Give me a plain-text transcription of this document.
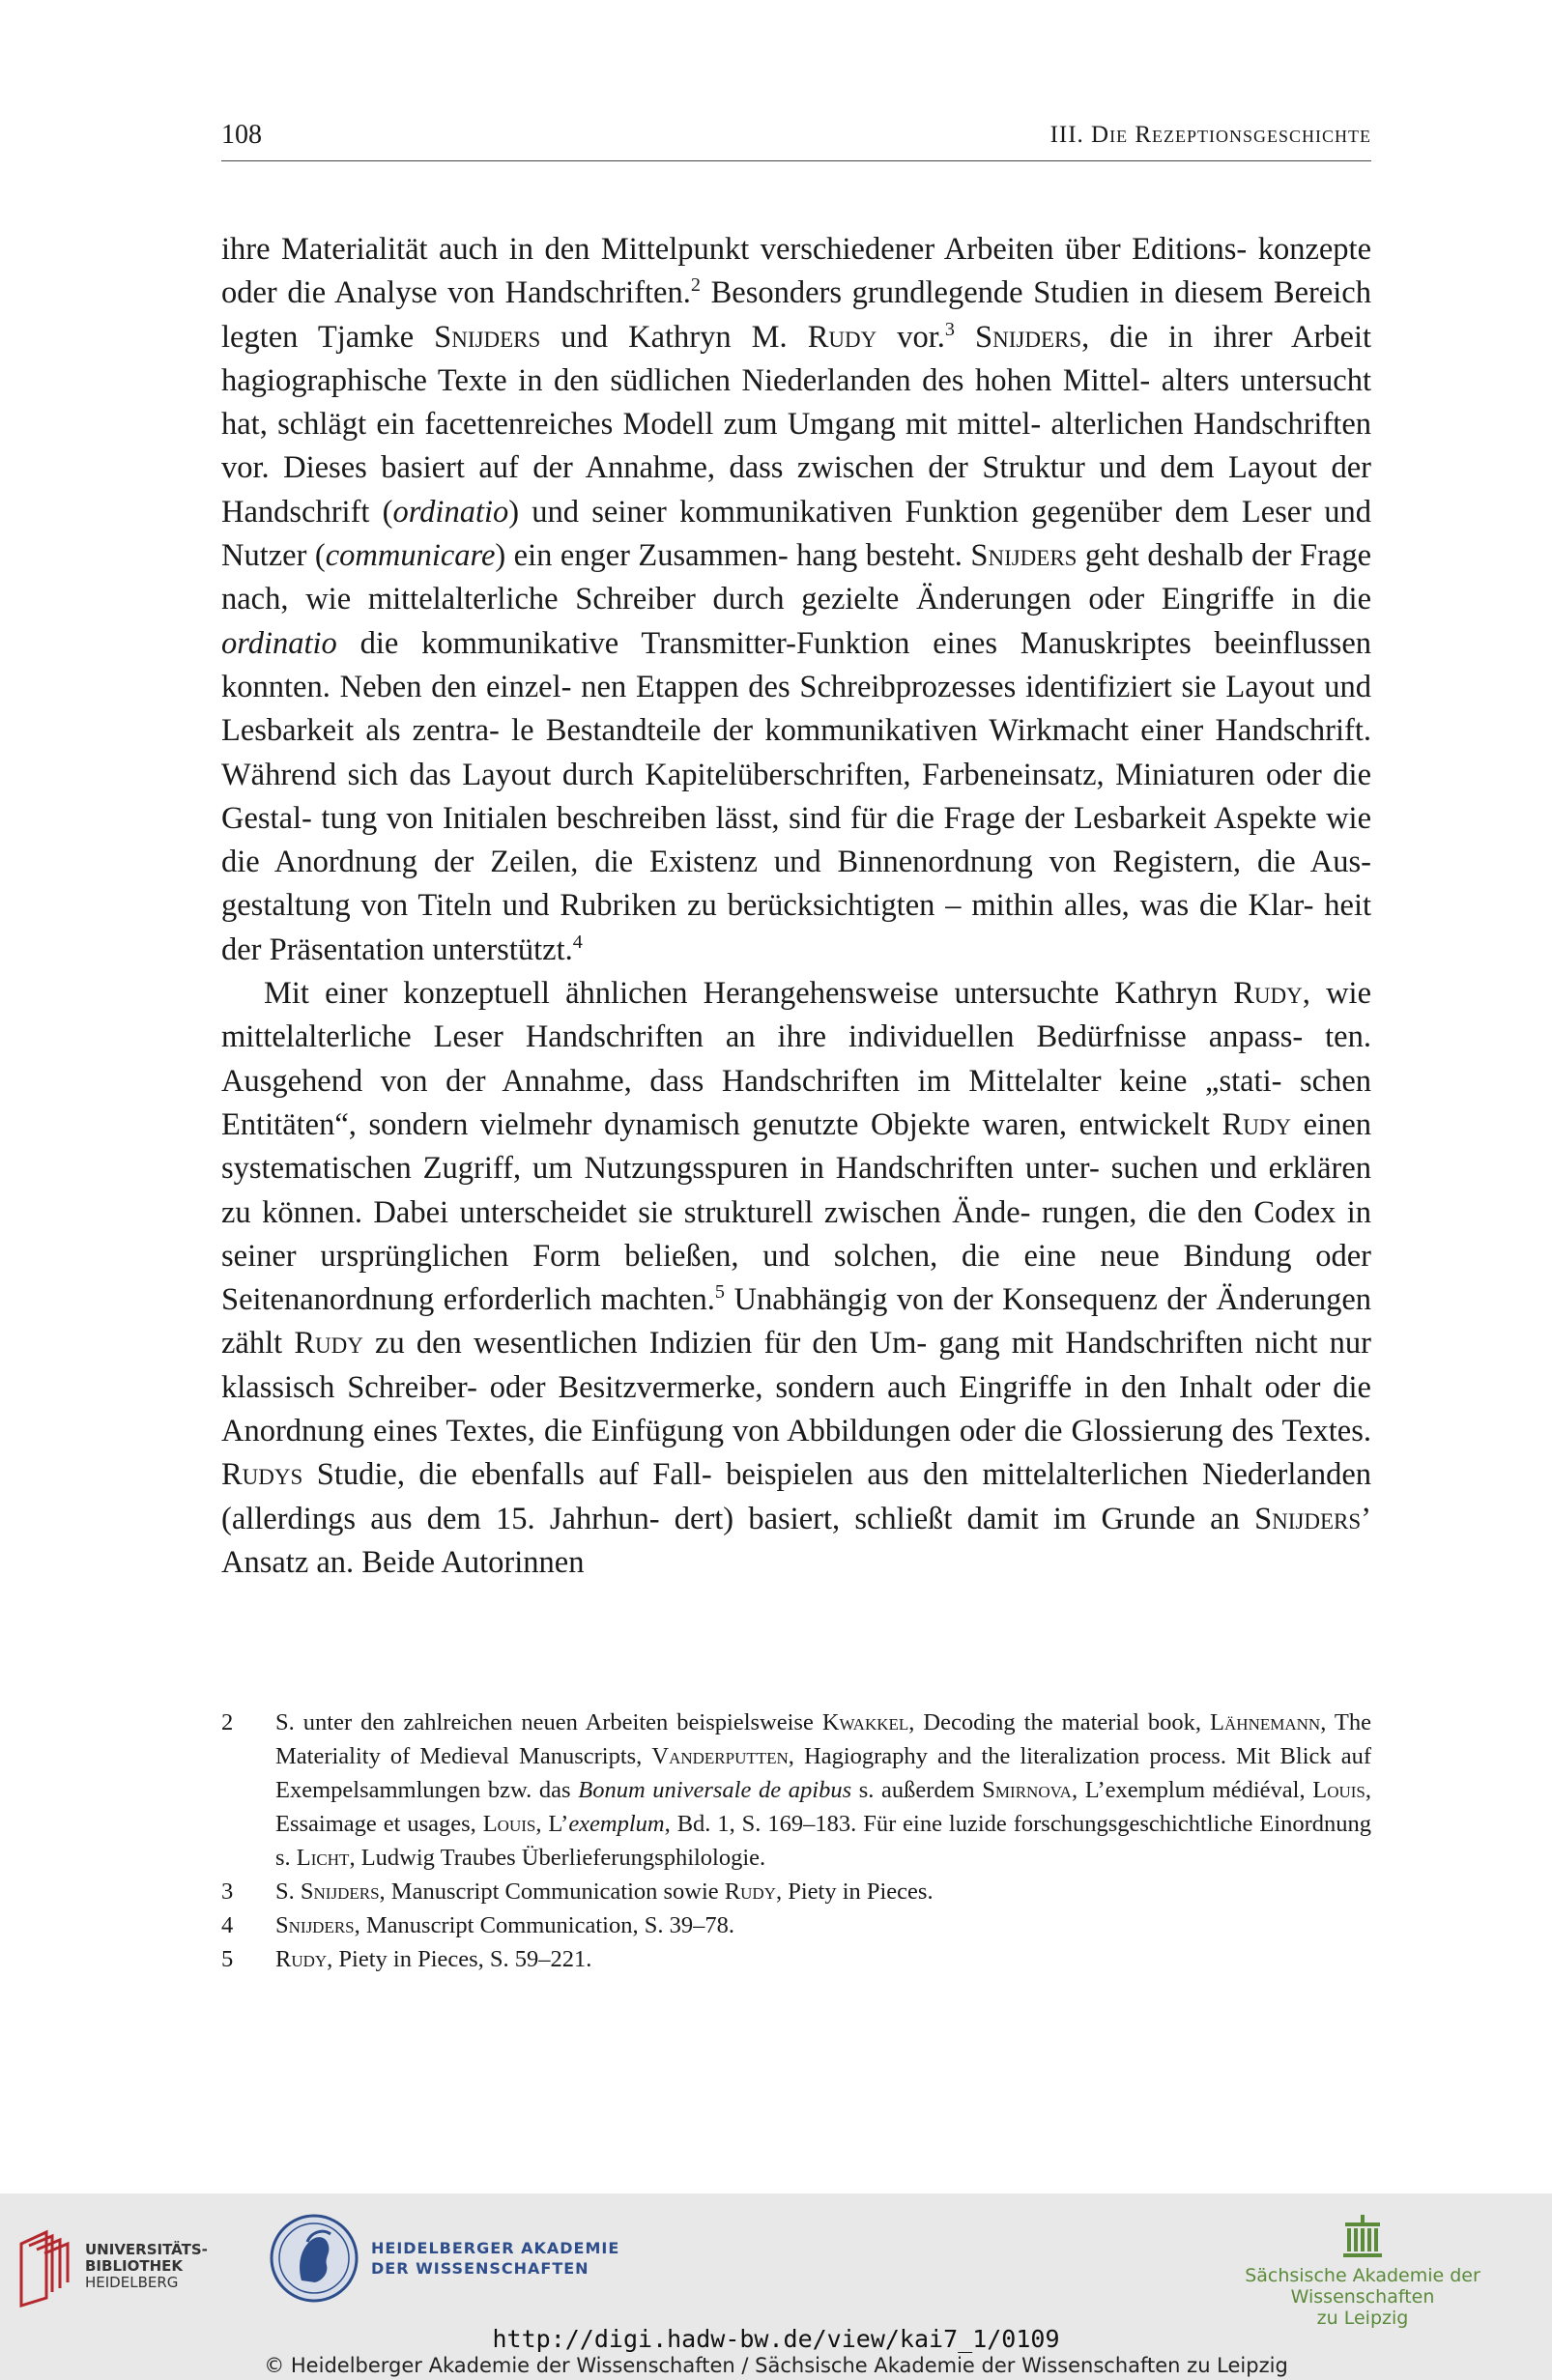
108	III. Die Rezeptionsgeschichte

ihre Materialität auch in den Mittelpunkt verschiedener Arbeiten über Editions- konzepte oder die Analyse von Handschriften.$^2$ Besonders grundlegende Studien in diesem Bereich legten Tjamke Snijders und Kathryn M. Rudy vor.$^3$ Snijders, die in ihrer Arbeit hagiographische Texte in den südlichen Niederlanden des hohen Mittel- alters untersucht hat, schlägt ein facettenreiches Modell zum Umgang mit mittel- alterlichen Handschriften vor. Dieses basiert auf der Annahme, dass zwischen der Struktur und dem Layout der Handschrift (ordinatio) und seiner kommunikativen Funktion gegenüber dem Leser und Nutzer (communicare) ein enger Zusammen- hang besteht. Snijders geht deshalb der Frage nach, wie mittelalterliche Schreiber durch gezielte Änderungen oder Eingriffe in die ordinatio die kommunikative Transmitter-Funktion eines Manuskriptes beeinflussen konnten. Neben den einzel- nen Etappen des Schreibprozesses identifiziert sie Layout und Lesbarkeit als zentra- le Bestandteile der kommunikativen Wirkmacht einer Handschrift. Während sich das Layout durch Kapitelüberschriften, Farbeneinsatz, Miniaturen oder die Gestal- tung von Initialen beschreiben lässt, sind für die Frage der Lesbarkeit Aspekte wie die Anordnung der Zeilen, die Existenz und Binnenordnung von Registern, die Aus- gestaltung von Titeln und Rubriken zu berücksichtigten – mithin alles, was die Klar- heit der Präsentation unterstützt.$^4$

Mit einer konzeptuell ähnlichen Herangehensweise untersuchte Kathryn Rudy, wie mittelalterliche Leser Handschriften an ihre individuellen Bedürfnisse anpass- ten. Ausgehend von der Annahme, dass Handschriften im Mittelalter keine „stati- schen Entitäten“, sondern vielmehr dynamisch genutzte Objekte waren, entwickelt Rudy einen systematischen Zugriff, um Nutzungsspuren in Handschriften unter- suchen und erklären zu können. Dabei unterscheidet sie strukturell zwischen Ände- rungen, die den Codex in seiner ursprünglichen Form beließen, und solchen, die eine neue Bindung oder Seitenanordnung erforderlich machten.$^5$ Unabhängig von der Konsequenz der Änderungen zählt Rudy zu den wesentlichen Indizien für den Um- gang mit Handschriften nicht nur klassisch Schreiber- oder Besitzvermerke, sondern auch Eingriffe in den Inhalt oder die Anordnung eines Textes, die Einfügung von Abbildungen oder die Glossierung des Textes. Rudys Studie, die ebenfalls auf Fall- beispielen aus den mittelalterlichen Niederlanden (allerdings aus dem 15. Jahrhun- dert) basiert, schließt damit im Grunde an Snijders’ Ansatz an. Beide Autorinnen

2	S. unter den zahlreichen neuen Arbeiten beispielsweise Kwakkel, Decoding the material book, Lähnemann, The Materiality of Medieval Manuscripts, Vanderputten, Hagiography and the literalization process. Mit Blick auf Exempelsammlungen bzw. das Bonum universale de apibus s. außerdem Smirnova, L’exemplum médiéval, Louis, Essaimage et usages, Louis, L’exemplum, Bd. 1, S. 169–183. Für eine luzide forschungsgeschichtliche Einordnung s. Licht, Ludwig Traubes Überlieferungsphilologie.
3	S. Snijders, Manuscript Communication sowie Rudy, Piety in Pieces.
4	Snijders, Manuscript Communication, S. 39–78.
5	Rudy, Piety in Pieces, S. 59–221.
UNIVERSITÄTS-
BIBLIOTHEK
HEIDELBERG
HEIDELBERGER AKADEMIE
DER WISSENSCHAFTEN	Sächsische Akademie der Wissenschaften
zu Leipzig
http://digi.hadw-bw.de/view/kai7_1/0109
© Heidelberger Akademie der Wissenschaften / Sächsische Akademie der Wissenschaften zu Leipzig
